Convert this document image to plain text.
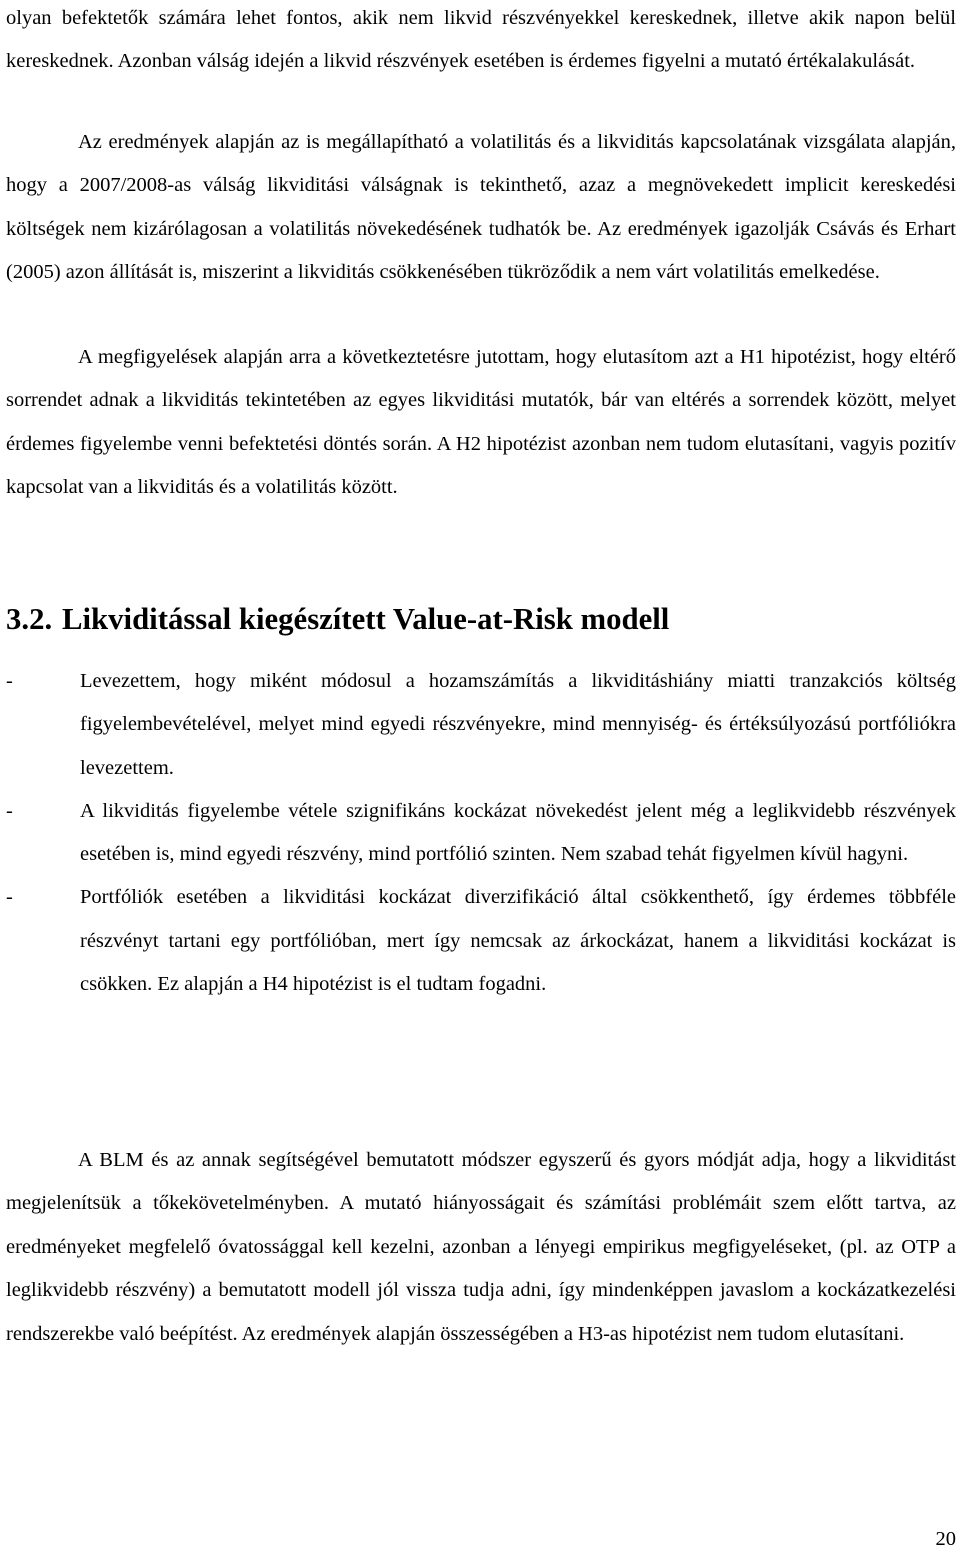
olyan befektetők számára lehet fontos, akik nem likvid részvényekkel kereskednek, illetve akik napon belül kereskednek. Azonban válság idején a likvid részvények esetében is érdemes figyelni a mutató értékalakulását.

Az eredmények alapján az is megállapítható a volatilitás és a likviditás kapcsolatának vizsgálata alapján, hogy a 2007/2008-as válság likviditási válságnak is tekinthető, azaz a megnövekedett implicit kereskedési költségek nem kizárólagosan a volatilitás növekedésének tudhatók be. Az eredmények igazolják Csávás és Erhart (2005) azon állítását is, miszerint a likviditás csökkenésében tükröződik a nem várt volatilitás emelkedése.

A megfigyelések alapján arra a következtetésre jutottam, hogy elutasítom azt a H1 hipotézist, hogy eltérő sorrendet adnak a likviditás tekintetében az egyes likviditási mutatók, bár van eltérés a sorrendek között, melyet érdemes figyelembe venni befektetési döntés során. A H2 hipotézist azonban nem tudom elutasítani, vagyis pozitív kapcsolat van a likviditás és a volatilitás között.

3.2. Likviditással kiegészített Value-at-Risk modell
-	Levezettem, hogy miként módosul a hozamszámítás a likviditáshiány miatti tranzakciós költség figyelembevételével, melyet mind egyedi részvényekre, mind mennyiség- és értéksúlyozású portfóliókra levezettem.
-	A likviditás figyelembe vétele szignifikáns kockázat növekedést jelent még a leglikvidebb részvények esetében is, mind egyedi részvény, mind portfólió szinten. Nem szabad tehát figyelmen kívül hagyni.
-	Portfóliók esetében a likviditási kockázat diverzifikáció által csökkenthető, így érdemes többféle részvényt tartani egy portfólióban, mert így nemcsak az árkockázat, hanem a likviditási kockázat is csökken. Ez alapján a H4 hipotézist is el tudtam fogadni.

A BLM és az annak segítségével bemutatott módszer egyszerű és gyors módját adja, hogy a likviditást megjelenítsük a tőkekövetelményben. A mutató hiányosságait és számítási problémáit szem előtt tartva, az eredményeket megfelelő óvatossággal kell kezelni, azonban a lényegi empirikus megfigyeléseket, (pl. az OTP a leglikvidebb részvény) a bemutatott modell jól vissza tudja adni, így mindenképpen javaslom a kockázatkezelési rendszerekbe való beépítést. Az eredmények alapján összességében a H3-as hipotézist nem tudom elutasítani.

20
